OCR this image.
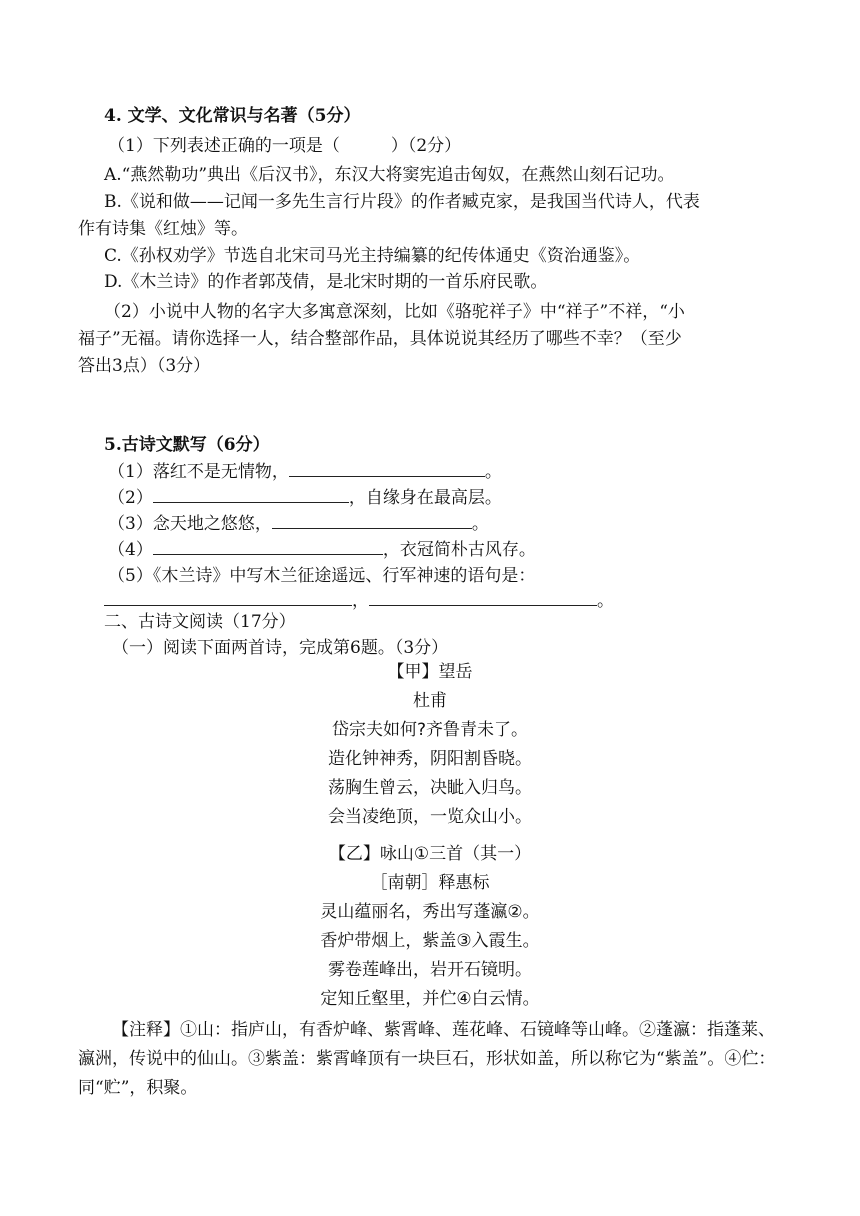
4. 文学、文化常识与名著（5分）
（1）下列表述正确的一项是（　　　）（2分）
A.“燕然勒功”典出《后汉书》，东汉大将窦宪追击匈奴，在燕然山刻石记功。
B.《说和做——记闻一多先生言行片段》的作者臧克家，是我国当代诗人，代表
作有诗集《红烛》等。
C.《孙权劝学》节选自北宋司马光主持编纂的纪传体通史《资治通鉴》。
D.《木兰诗》的作者郭茂倩，是北宋时期的一首乐府民歌。
（2）小说中人物的名字大多寓意深刻，比如《骆驼祥子》中“祥子”不祥，“小
福子”无福。请你选择一人，结合整部作品，具体说说其经历了哪些不幸？（至少
答出3点）（3分）
5.古诗文默写（6分）
（1）落红不是无情物，	。
（2）	，自缘身在最高层。
（3）念天地之悠悠，	。
（4）	，衣冠简朴古风存。
（5）《木兰诗》中写木兰征途遥远、行军神速的语句是：
，	。
二、古诗文阅读（17分）
（一）阅读下面两首诗，完成第6题。（3分）
【甲】望岳
杜甫
岱宗夫如何?齐鲁青未了。
造化钟神秀，阴阳割昏晓。
荡胸生曾云，决眦入归鸟。
会当凌绝顶，一览众山小。
【乙】咏山①三首（其一）
［南朝］释惠标
灵山蕴丽名，秀出写蓬瀛②。
香炉带烟上，紫盖③入霞生。
雾卷莲峰出，岩开石镜明。
定知丘壑里，并伫④白云情。
【注释】①山：指庐山，有香炉峰、紫霄峰、莲花峰、石镜峰等山峰。②蓬瀛：指蓬莱、瀛洲，传说中的仙山。③紫盖：紫霄峰顶有一块巨石，形状如盖，所以称它为“紫盖”。④伫：同“贮”，积聚。
